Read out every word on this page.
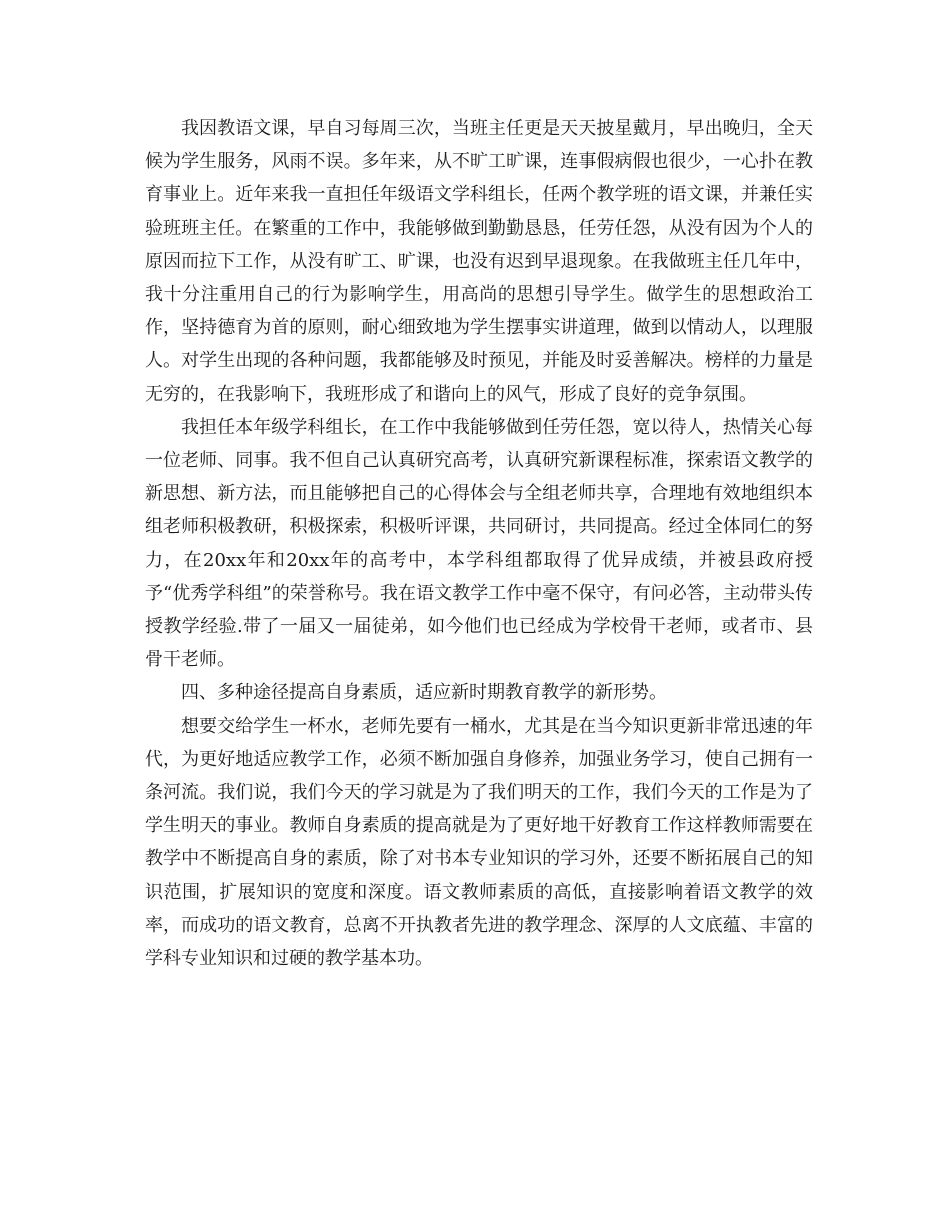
我因教语文课，早自习每周三次，当班主任更是天天披星戴月，早出晚归，全天候为学生服务，风雨不误。多年来，从不旷工旷课，连事假病假也很少，一心扑在教育事业上。近年来我一直担任年级语文学科组长，任两个教学班的语文课，并兼任实验班班主任。在繁重的工作中，我能够做到勤勤恳恳，任劳任怨，从没有因为个人的原因而拉下工作，从没有旷工、旷课，也没有迟到早退现象。在我做班主任几年中，我十分注重用自己的行为影响学生，用高尚的思想引导学生。做学生的思想政治工作，坚持德育为首的原则，耐心细致地为学生摆事实讲道理，做到以情动人，以理服人。对学生出现的各种问题，我都能够及时预见，并能及时妥善解决。榜样的力量是无穷的，在我影响下，我班形成了和谐向上的风气，形成了良好的竞争氛围。

我担任本年级学科组长，在工作中我能够做到任劳任怨，宽以待人，热情关心每一位老师、同事。我不但自己认真研究高考，认真研究新课程标准，探索语文教学的新思想、新方法，而且能够把自己的心得体会与全组老师共享，合理地有效地组织本组老师积极教研，积极探索，积极听评课，共同研讨，共同提高。经过全体同仁的努力，在20xx年和20xx年的高考中，本学科组都取得了优异成绩，并被县政府授予“优秀学科组”的荣誉称号。我在语文教学工作中毫不保守，有问必答，主动带头传授教学经验.带了一届又一届徒弟，如今他们也已经成为学校骨干老师，或者市、县骨干老师。

四、多种途径提高自身素质，适应新时期教育教学的新形势。

想要交给学生一杯水，老师先要有一桶水，尤其是在当今知识更新非常迅速的年代，为更好地适应教学工作，必须不断加强自身修养，加强业务学习，使自己拥有一条河流。我们说，我们今天的学习就是为了我们明天的工作，我们今天的工作是为了学生明天的事业。教师自身素质的提高就是为了更好地干好教育工作这样教师需要在教学中不断提高自身的素质，除了对书本专业知识的学习外，还要不断拓展自己的知识范围，扩展知识的宽度和深度。语文教师素质的高低，直接影响着语文教学的效率，而成功的语文教育，总离不开执教者先进的教学理念、深厚的人文底蕴、丰富的学科专业知识和过硬的教学基本功。
